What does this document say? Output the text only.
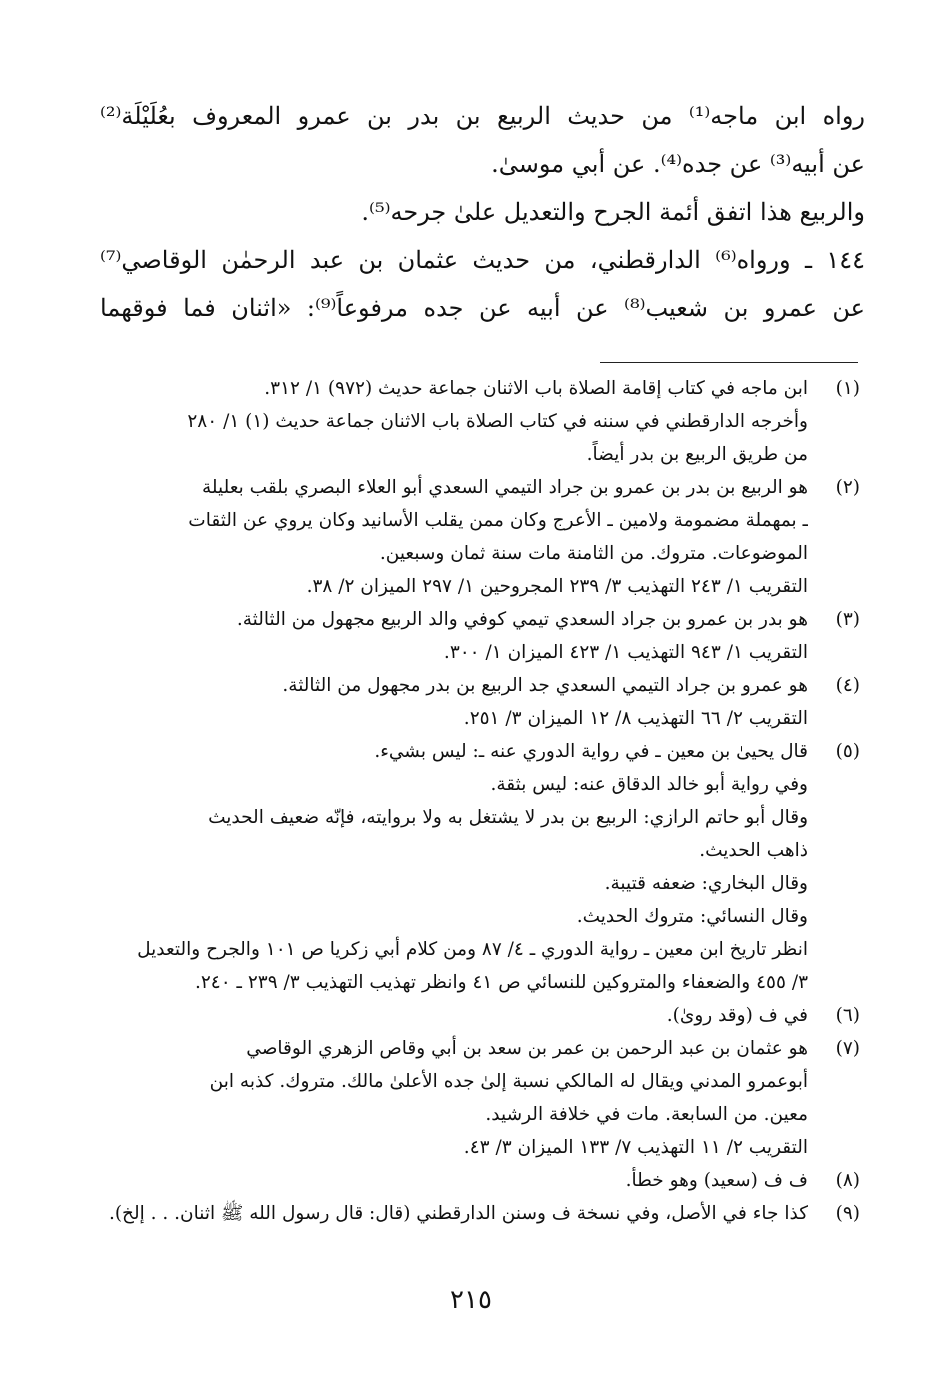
رواه ابن ماجه⁽¹⁾ من حديث الربيع بن بدر بن عمرو المعروف بعُلَيْلَة⁽²⁾
عن أبيه⁽³⁾ عن جده⁽⁴⁾. عن أبي موسىٰ.
والربيع هذا اتفق أئمة الجرح والتعديل علىٰ جرحه⁽⁵⁾.
١٤٤ ـ ورواه⁽⁶⁾ الدارقطني، من حديث عثمان بن عبد الرحمٰن الوقاصي⁽⁷⁾
عن عمرو بن شعيب⁽⁸⁾ عن أبيه عن جده مرفوعاً⁽⁹⁾: «اثنان فما فوقهما
(١)
ابن ماجه في كتاب إقامة الصلاة باب الاثنان جماعة حديث (٩٧٢) ١/ ٣١٢.
وأخرجه الدارقطني في سننه في كتاب الصلاة باب الاثنان جماعة حديث (١) ١/ ٢٨٠
من طريق الربيع بن بدر أيضاً.
(٢)
هو الربيع بن بدر بن عمرو بن جراد التيمي السعدي أبو العلاء البصري بلقب بعليلة
ـ بمهملة مضمومة ولامين ـ الأعرج وكان ممن يقلب الأسانيد وكان يروي عن الثقات
الموضوعات. متروك. من الثامنة مات سنة ثمان وسبعين.
التقريب ١/ ٢٤٣ التهذيب ٣/ ٢٣٩ المجروحين ١/ ٢٩٧ الميزان ٢/ ٣٨.
(٣)
هو بدر بن عمرو بن جراد السعدي تيمي كوفي والد الربيع مجهول من الثالثة.
التقريب ١/ ٩٤٣ التهذيب ١/ ٤٢٣ الميزان ١/ ٣٠٠.
(٤)
هو عمرو بن جراد التيمي السعدي جد الربيع بن بدر مجهول من الثالثة.
التقريب ٢/ ٦٦ التهذيب ٨/ ١٢ الميزان ٣/ ٢٥١.
(٥)
قال يحيىٰ بن معين ـ في رواية الدوري عنه ـ: ليس بشيء.
وفي رواية أبو خالد الدقاق عنه: ليس بثقة.
وقال أبو حاتم الرازي: الربيع بن بدر لا يشتغل به ولا بروايته، فإنّه ضعيف الحديث
ذاهب الحديث.
وقال البخاري: ضعفه قتيبة.
وقال النسائي: متروك الحديث.
انظر تاريخ ابن معين ـ رواية الدوري ـ ٤/ ٨٧ ومن كلام أبي زكريا ص ١٠١ والجرح والتعديل
٣/ ٤٥٥ والضعفاء والمتروكين للنسائي ص ٤١ وانظر تهذيب التهذيب ٣/ ٢٣٩ ـ ٢٤٠.
(٦)
في ف (وقد روىٰ).
(٧)
هو عثمان بن عبد الرحمن بن عمر بن سعد بن أبي وقاص الزهري الوقاصي
أبوعمرو المدني ويقال له المالكي نسبة إلىٰ جده الأعلىٰ مالك. متروك. كذبه ابن
معين. من السابعة. مات في خلافة الرشيد.
التقريب ٢/ ١١ التهذيب ٧/ ١٣٣ الميزان ٣/ ٤٣.
(٨)
ف ف (سعيد) وهو خطأ.
(٩)
كذا جاء في الأصل، وفي نسخة ف وسنن الدارقطني (قال: قال رسول الله ﷺ اثنان. . . إلخ).
٢١٥
